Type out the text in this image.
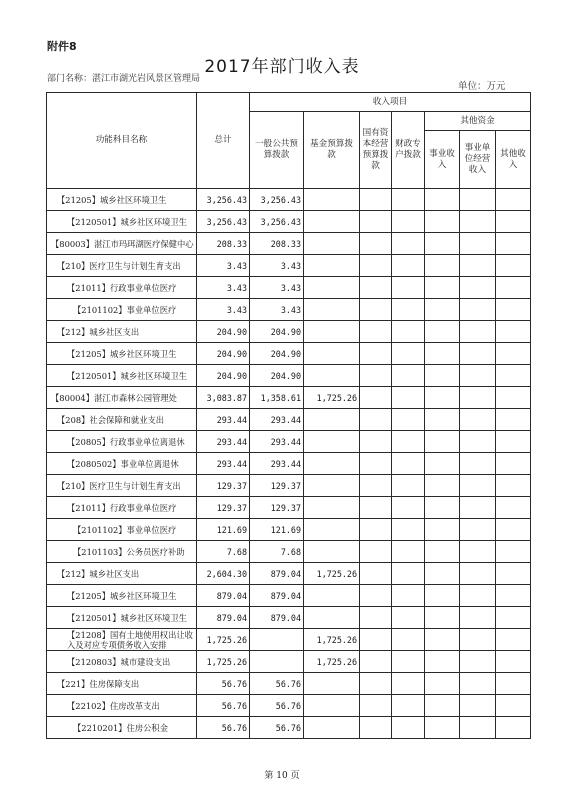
附件8
2017年部门收入表
部门名称：湛江市湖光岩风景区管理局
单位：万元
功能科目名称	总计	收入项目						
		一般公共预算拨款	基金预算拨款	国有资本经营预算拨款	财政专户拨款	其他资金		
						事业收入	事业单位经营收入	其他收入
【21205】城乡社区环境卫生	3,256.43	3,256.43						
【2120501】城乡社区环境卫生	3,256.43	3,256.43						
【80003】湛江市玛珥湖医疗保健中心	208.33	208.33						
【210】医疗卫生与计划生育支出	3.43	3.43						
【21011】行政事业单位医疗	3.43	3.43						
【2101102】事业单位医疗	3.43	3.43						
【212】城乡社区支出	204.90	204.90						
【21205】城乡社区环境卫生	204.90	204.90						
【2120501】城乡社区环境卫生	204.90	204.90						
【80004】湛江市森林公园管理处	3,083.87	1,358.61	1,725.26					
【208】社会保障和就业支出	293.44	293.44						
【20805】行政事业单位离退休	293.44	293.44						
【2080502】事业单位离退休	293.44	293.44						
【210】医疗卫生与计划生育支出	129.37	129.37						
【21011】行政事业单位医疗	129.37	129.37						
【2101102】事业单位医疗	121.69	121.69						
【2101103】公务员医疗补助	7.68	7.68						
【212】城乡社区支出	2,604.30	879.04	1,725.26					
【21205】城乡社区环境卫生	879.04	879.04						
【2120501】城乡社区环境卫生	879.04	879.04						
【21208】国有土地使用权出让收入及对应专项债务收入安排	1,725.26		1,725.26					
【2120803】城市建设支出	1,725.26		1,725.26					
【221】住房保障支出	56.76	56.76						
【22102】住房改革支出	56.76	56.76						
【2210201】住房公积金	56.76	56.76						
第 10 页
